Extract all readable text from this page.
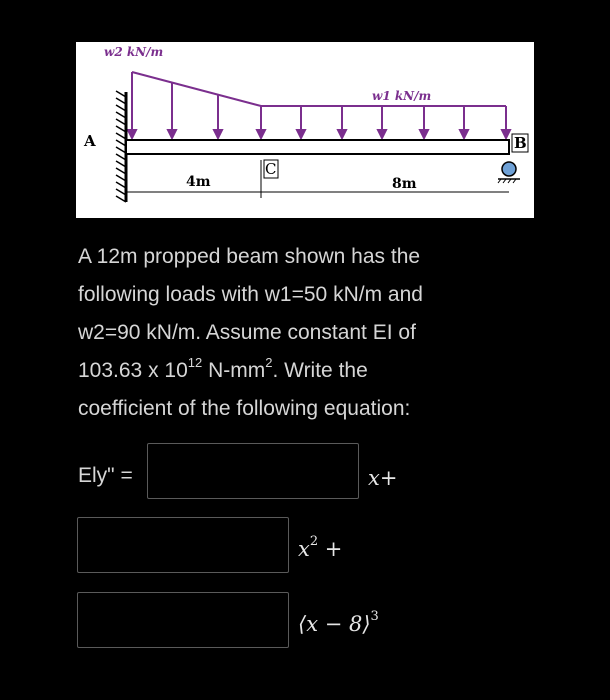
w2 kN/m
w1 kN/m
A	B
C
4m	8m
A 12m propped beam shown has the
following loads with w1=50 kN/m and
w2=90 kN/m. Assume constant EI of
103.63 x $10^{12}$ $N-mm^2$. Write the
coefficient of the following equation:
Ely" =	x+
$x^2$ +
⟨x − 8⟩$^3$
